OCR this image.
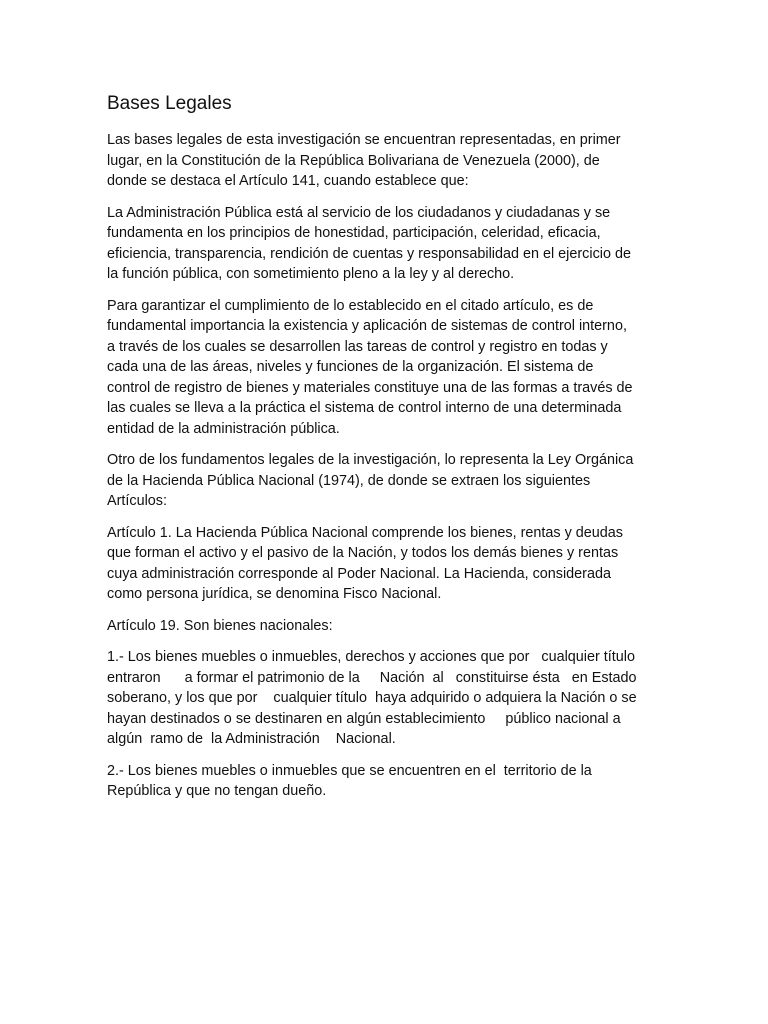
Bases Legales

Las bases legales de esta investigación se encuentran representadas, en primer
lugar, en la Constitución de la República Bolivariana de Venezuela (2000), de
donde se destaca el Artículo 141, cuando establece que:

La Administración Pública está al servicio de los ciudadanos y ciudadanas y se
fundamenta en los principios de honestidad, participación, celeridad, eficacia,
eficiencia, transparencia, rendición de cuentas y responsabilidad en el ejercicio de
la función pública, con sometimiento pleno a la ley y al derecho.

Para garantizar el cumplimiento de lo establecido en el citado artículo, es de
fundamental importancia la existencia y aplicación de sistemas de control interno,
a través de los cuales se desarrollen las tareas de control y registro en todas y
cada una de las áreas, niveles y funciones de la organización. El sistema de
control de registro de bienes y materiales constituye una de las formas a través de
las cuales se lleva a la práctica el sistema de control interno de una determinada
entidad de la administración pública.

Otro de los fundamentos legales de la investigación, lo representa la Ley Orgánica
de la Hacienda Pública Nacional (1974), de donde se extraen los siguientes
Artículos:

Artículo 1. La Hacienda Pública Nacional comprende los bienes, rentas y deudas
que forman el activo y el pasivo de la Nación, y todos los demás bienes y rentas
cuya administración corresponde al Poder Nacional. La Hacienda, considerada
como persona jurídica, se denomina Fisco Nacional.

Artículo 19. Son bienes nacionales:

1.- Los bienes muebles o inmuebles, derechos y acciones que por   cualquier título
entraron      a formar el patrimonio de la     Nación  al   constituirse ésta   en Estado
soberano, y los que por    cualquier título  haya adquirido o adquiera la Nación o se
hayan destinados o se destinaren en algún establecimiento     público nacional a
algún  ramo de  la Administración    Nacional.

2.- Los bienes muebles o inmuebles que se encuentren en el  territorio de la
República y que no tengan dueño.
